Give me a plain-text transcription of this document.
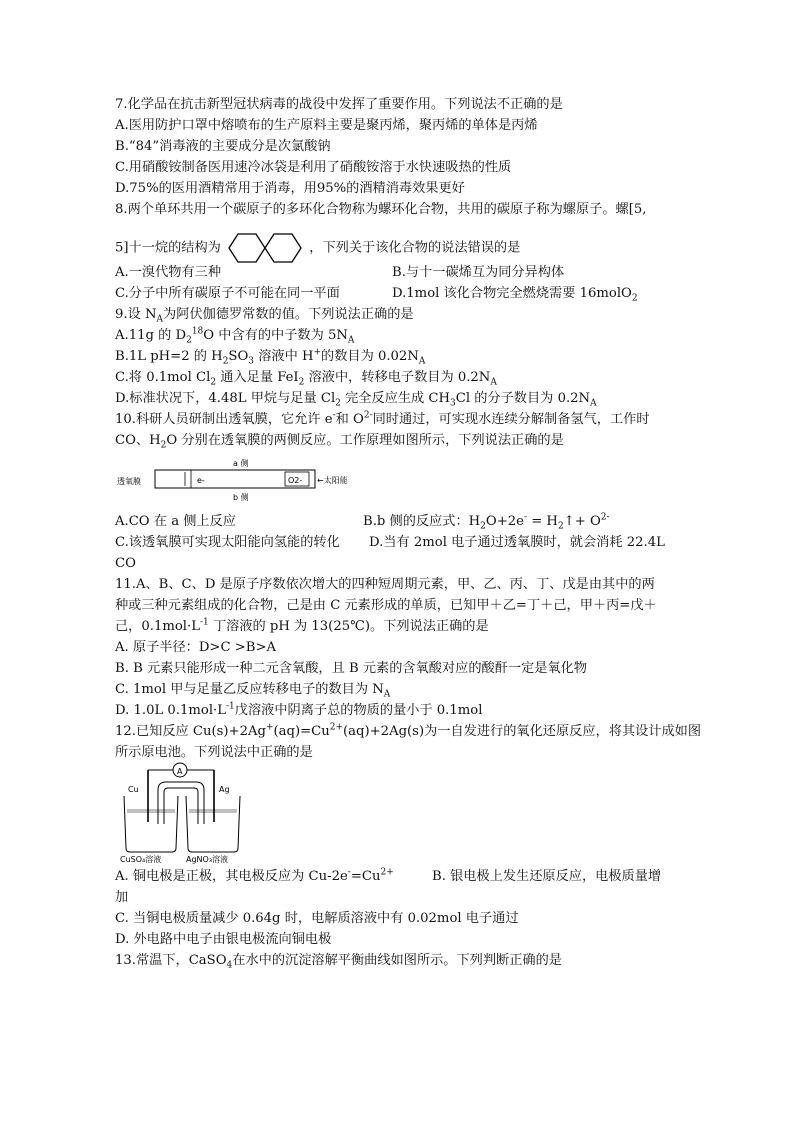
7.化学品在抗击新型冠状病毒的战役中发挥了重要作用。下列说法不正确的是
A.医用防护口罩中熔喷布的生产原料主要是聚丙烯，聚丙烯的单体是丙烯
B.“84”消毒液的主要成分是次氯酸钠
C.用硝酸铵制备医用速冷冰袋是利用了硝酸铵溶于水快速吸热的性质
D.75%的医用酒精常用于消毒，用95%的酒精消毒效果更好
8.两个单环共用一个碳原子的多环化合物称为螺环化合物，共用的碳原子称为螺原子。螺[5,
5]十一烷的结构为	，下列关于该化合物的说法错误的是
A.一溴代物有三种	B.与十一碳烯互为同分异构体
C.分子中所有碳原子不可能在同一平面	D.1mol 该化合物完全燃烧需要 16molO$_2$
9.设 $N_A$为阿伏伽德罗常数的值。下列说法正确的是
A.11g 的 $D_2^{18}O$ 中含有的中子数为 $5N_A$
B.1L pH=2 的 $H_2SO_3$ 溶液中 H+的数目为 $0.02N_A$
C.将 0.1mol $Cl_2$ 通入足量 FeI$_2$ 溶液中，转移电子数目为 $0.2N_A$
D.标准状况下，4.48L 甲烷与足量 $Cl_2$ 完全反应生成 $CH_3Cl$ 的分子数目为 $0.2N_A$
10.科研人员研制出透氧膜，它允许 e-和 $O^{2-}$同时通过，可实现水连续分解制备氢气，工作时
CO、$H_2O$ 分别在透氧膜的两侧反应。工作原理如图所示，下列说法正确的是
a 侧
透氧膜	e-	O2- ←太阳能
b 侧
A.CO 在 a 侧上反应	B.b 侧的反应式：$H_2O+2e^-$ = $H_2↑+ O^{2-}$
C.该透氧膜可实现太阳能向氢能的转化 D.当有 2mol 电子通过透氧膜时，就会消耗 22.4L
CO
11.A、B、C、D 是原子序数依次增大的四种短周期元素，甲、乙、丙、丁、戊是由其中的两
种或三种元素组成的化合物，己是由 C 元素形成的单质，已知甲＋乙=丁＋己，甲＋丙=戊＋
己，$0.1mol\cdot L^{-1}$ 丁溶液的 pH 为 13(25℃)。下列说法正确的是
A. 原子半径：D>C >B>A
B. B 元素只能形成一种二元含氧酸，且 B 元素的含氧酸对应的酸酐一定是氧化物
C. 1mol 甲与足量乙反应转移电子的数目为 $N_A$
D. 1.0L $0.1mol\cdot L^{-1}$戊溶液中阴离子总的物质的量小于 0.1mol
12.已知反应 $Cu(s)+2Ag^+(aq)=Cu^{2+}(aq)+2Ag(s)$为一自发进行的氧化还原反应，将其设计成如图
所示原电池。下列说法中正确的是
A
Cu	Ag
CuSO₄溶液	AgNO₃溶液
A. 铜电极是正极，其电极反应为 $Cu-2e^-=Cu^{2+}$	B. 银电极上发生还原反应，电极质量增
加
C. 当铜电极质量减少 0.64g 时，电解质溶液中有 0.02mol 电子通过
D. 外电路中电子由银电极流向铜电极
13.常温下，CaSO$_4$在水中的沉淀溶解平衡曲线如图所示。下列判断正确的是
